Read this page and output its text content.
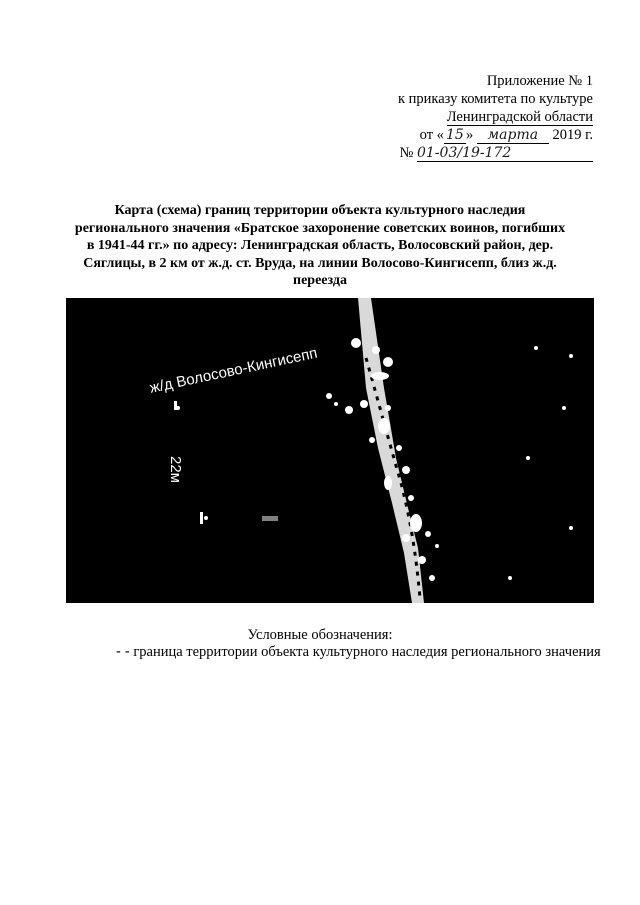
Приложение № 1
к приказу комитета по культуре
Ленинградской области
от « 15 » марта 2019 г.
№ 01-03/19-172
Карта (схема) границ территории объекта культурного наследия регионального значения «Братское захоронение советских воинов, погибших в 1941-44 гг.» по адресу: Ленинградская область, Волосовский район, дер. Сяглицы, в 2 км от ж.д. ст. Вруда, на линии Волосово-Кингисепп, близ ж.д. переезда
ж/д Волосово-Кингисепп
22м
Условные обозначения:
- - граница территории объекта культурного наследия регионального значения
